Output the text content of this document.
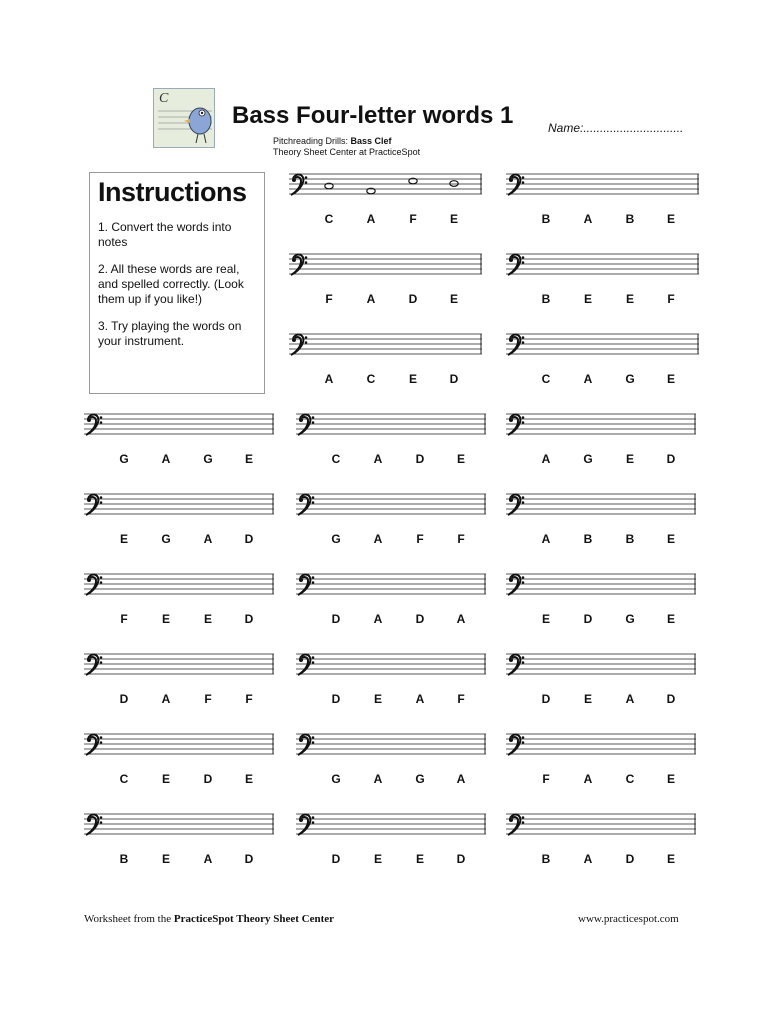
C
Bass Four-letter words 1	Name:..............................
Pitchreading Drills: Bass Clef
Theory Sheet Center at PracticeSpot
Instructions
1. Convert the words into notes
2. All these words are real, and spelled correctly. (Look them up if you like!)
3. Try playing the words on your instrument.
C	A	F	E	B	A	B	E
F	A	D	E	B	E	E	F
A	C	E	D	C	A	G	E
G	A	G	E	C	A	D	E	A	G	E	D
E	G	A	D	G	A	F	F	A	B	B	E
F	E	E	D	D	A	D	A	E	D	G	E
D	A	F	F	D	E	A	F	D	E	A	D
C	E	D	E	G	A	G	A	F	A	C	E
B	E	A	D	D	E	E	D	B	A	D	E
Worksheet from the PracticeSpot Theory Sheet Center	www.practicespot.com
